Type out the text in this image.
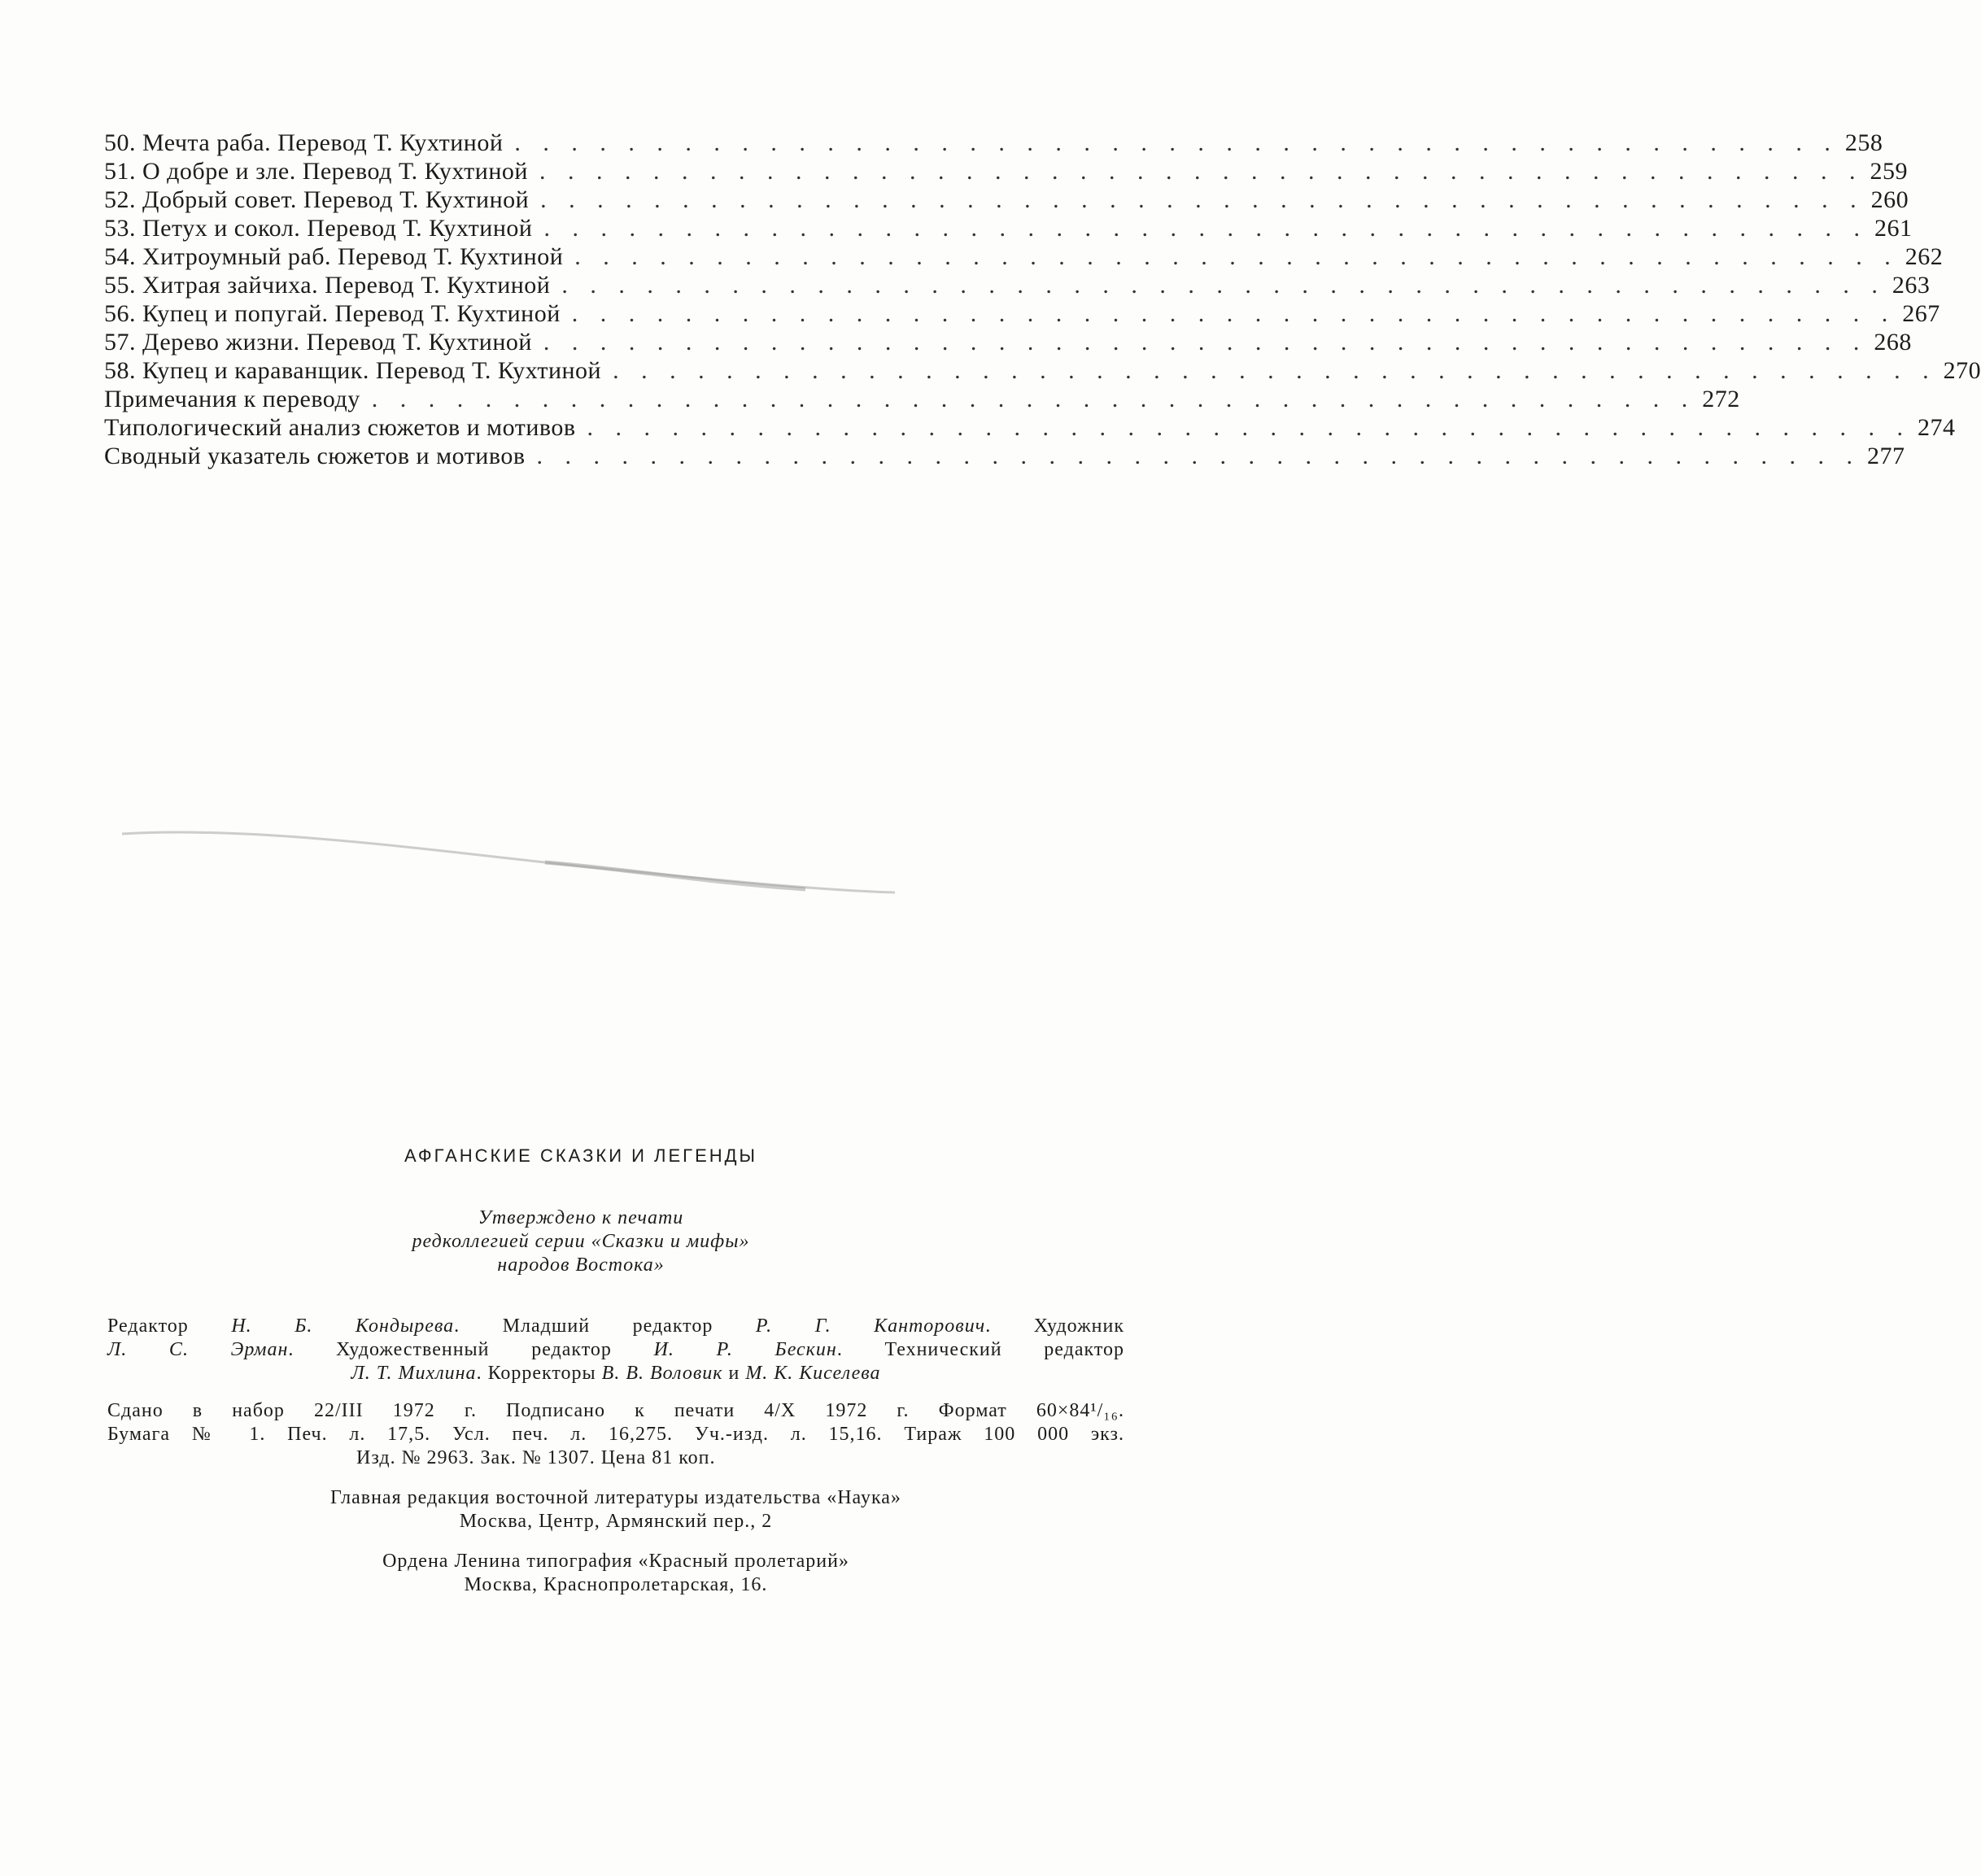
50. Мечта раба. Перевод Т. Кухтиной . . . . . . . . . . . . . . . . . . . . . . . . . . . . . . . . . . . . . . . . . . . . . . . 258
51. О добре и зле. Перевод Т. Кухтиной . . . . . . . . . . . . . . . . . . . . . . . . . . . . . . . . . . . . . . . . . . . . . . . 259
52. Добрый совет. Перевод Т. Кухтиной . . . . . . . . . . . . . . . . . . . . . . . . . . . . . . . . . . . . . . . . . . . . . . . 260
53. Петух и сокол. Перевод Т. Кухтиной . . . . . . . . . . . . . . . . . . . . . . . . . . . . . . . . . . . . . . . . . . . . . . . 261
54. Хитроумный раб. Перевод Т. Кухтиной . . . . . . . . . . . . . . . . . . . . . . . . . . . . . . . . . . . . . . . . . . . . . . . 262
55. Хитрая зайчиха. Перевод Т. Кухтиной . . . . . . . . . . . . . . . . . . . . . . . . . . . . . . . . . . . . . . . . . . . . . . . 263
56. Купец и попугай. Перевод Т. Кухтиной . . . . . . . . . . . . . . . . . . . . . . . . . . . . . . . . . . . . . . . . . . . . . . . 267
57. Дерево жизни. Перевод Т. Кухтиной . . . . . . . . . . . . . . . . . . . . . . . . . . . . . . . . . . . . . . . . . . . . . . . 268
58. Купец и караванщик. Перевод Т. Кухтиной . . . . . . . . . . . . . . . . . . . . . . . . . . . . . . . . . . . . . . . . . . . . . . . 270
Примечания к переводу . . . . . . . . . . . . . . . . . . . . . . . . . . . . . . . . . . . . . . . . . . . . . . . 272
Типологический анализ сюжетов и мотивов . . . . . . . . . . . . . . . . . . . . . . . . . . . . . . . . . . . . . . . . . . . . . . . 274
Сводный указатель сюжетов и мотивов . . . . . . . . . . . . . . . . . . . . . . . . . . . . . . . . . . . . . . . . . . . . . . . 277
АФГАНСКИЕ СКАЗКИ И ЛЕГЕНДЫ
Утверждено к печати
редколлегией серии «Сказки и мифы»
народов Востока»

Редактор Н. Б. Кондырева. Младший редактор Р. Г. Канторович. Художник

Л. С. Эрман. Художественный редактор И. Р. Бескин. Технический редактор

Л. Т. Михлина. Корректоры В. В. Воловик и М. К. Киселева

Сдано в набор 22/III 1972 г. Подписано к печати 4/X 1972 г. Формат 60×84¹/₁₆.

Бумага № 1. Печ. л. 17,5. Усл. печ. л. 16,275. Уч.-изд. л. 15,16. Тираж 100 000 экз.

Изд. № 2963. Зак. № 1307. Цена 81 коп.

Главная редакция восточной литературы издательства «Наука»

Москва, Центр, Армянский пер., 2

Ордена Ленина типография «Красный пролетарий»

Москва, Краснопролетарская, 16.
